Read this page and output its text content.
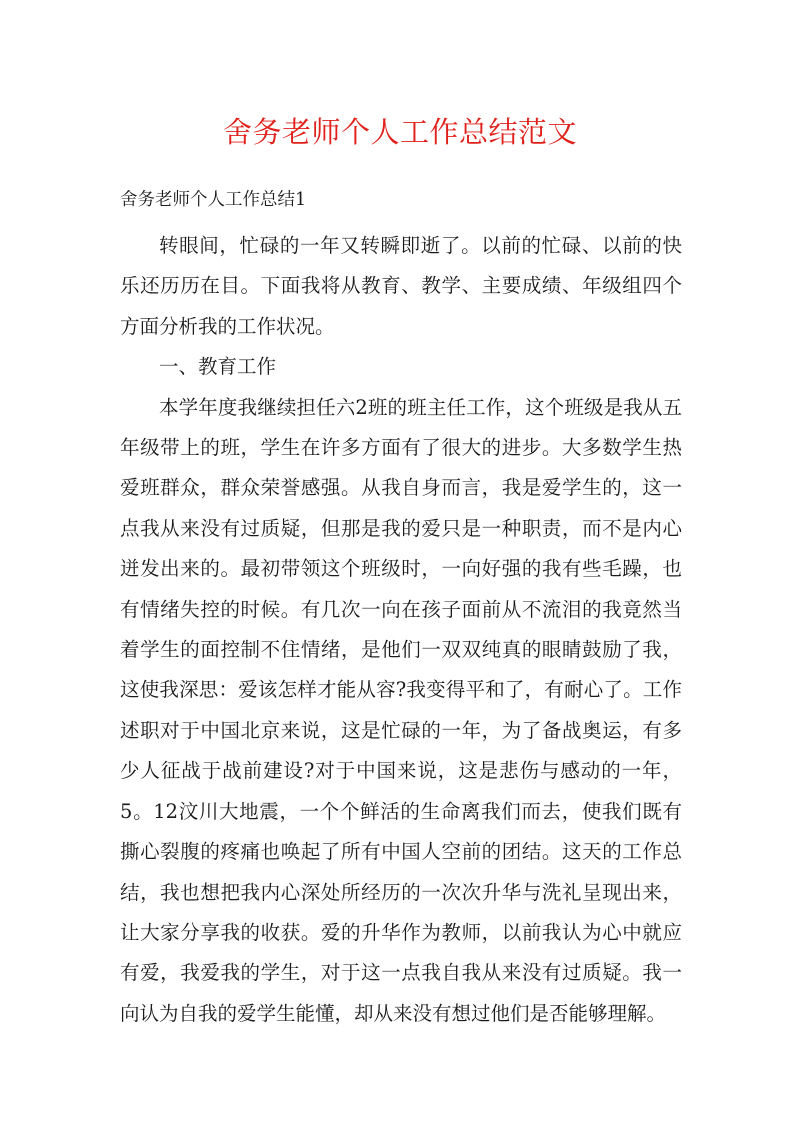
舍务老师个人工作总结范文
舍务老师个人工作总结1

转眼间，忙碌的一年又转瞬即逝了。以前的忙碌、以前的快乐还历历在目。下面我将从教育、教学、主要成绩、年级组四个方面分析我的工作状况。

一、教育工作

本学年度我继续担任六2班的班主任工作，这个班级是我从五年级带上的班，学生在许多方面有了很大的进步。大多数学生热爱班群众，群众荣誉感强。从我自身而言，我是爱学生的，这一点我从来没有过质疑，但那是我的爱只是一种职责，而不是内心迸发出来的。最初带领这个班级时，一向好强的我有些毛躁，也有情绪失控的时候。有几次一向在孩子面前从不流泪的我竟然当着学生的面控制不住情绪，是他们一双双纯真的眼睛鼓励了我，这使我深思：爱该怎样才能从容?我变得平和了，有耐心了。工作述职对于中国北京来说，这是忙碌的一年，为了备战奥运，有多少人征战于战前建设?对于中国来说，这是悲伤与感动的一年，5。12汶川大地震，一个个鲜活的生命离我们而去，使我们既有撕心裂腹的疼痛也唤起了所有中国人空前的团结。这天的工作总结，我也想把我内心深处所经历的一次次升华与洗礼呈现出来，让大家分享我的收获。爱的升华作为教师，以前我认为心中就应有爱，我爱我的学生，对于这一点我自我从来没有过质疑。我一向认为自我的爱学生能懂，却从来没有想过他们是否能够理解。
